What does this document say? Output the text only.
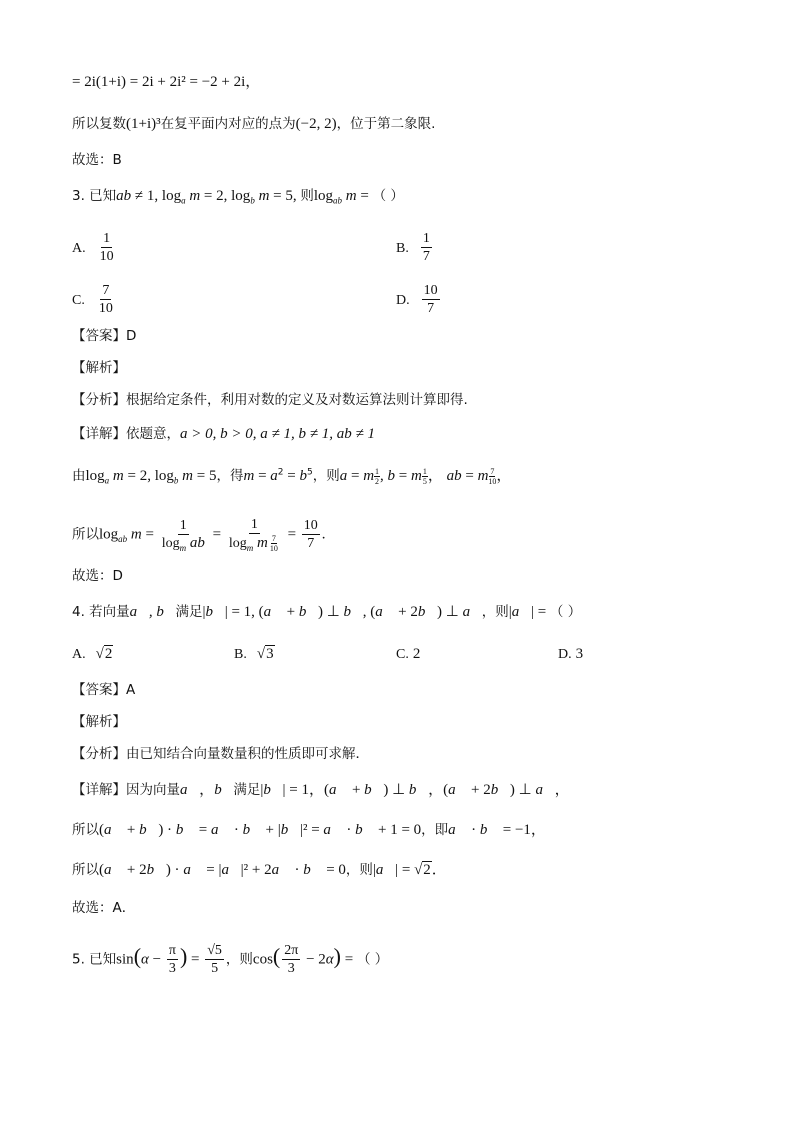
= 2i(1+i) = 2i + 2i² = −2 + 2i，
所以复数(1+i)³在复平面内对应的点为(−2, 2)，位于第二象限.
故选：B
3. 已知ab ≠ 1, $\log_a m = 2$, $\log_b m = 5$, 则$\log_{ab} m$ = （ ）
A. $\frac{1}{10}$	B. $\frac{1}{7}$
C. $\frac{7}{10}$	D. $\frac{10}{7}$
【答案】D
【解析】
【分析】根据给定条件，利用对数的定义及对数运算法则计算即得.
【详解】依题意，a > 0, b > 0, a ≠ 1, b ≠ 1, ab ≠ 1
由$\log_a m = 2$, $\log_b m = 5$，得$m = a^2 = b^5$，则a = m $\frac{1}{2}$ , b = m $\frac{1}{5}$ ， ab = m $\frac{7}{10}$ ，
所以$\log_{ab} m = \frac{1}{\log_m ab} = \frac{1}{\log_m m \frac{7}{10}} = \frac{10}{7}$ .
故选：D
4. 若向量a⃗, b⃗满足|b⃗| = 1, (a⃗ + b⃗) ⊥ b⃗, (a⃗ + 2b⃗) ⊥ a⃗，则|a⃗| = （ ）
A. √2	B. √3	C. 2	D. 3
【答案】A
【解析】
【分析】由已知结合向量数量积的性质即可求解．
【详解】因为向量a⃗，b⃗满足|b⃗| = 1，(a⃗ + b⃗) ⊥ b⃗，(a⃗ + 2b⃗) ⊥ a⃗，
所以(a⃗ + b⃗) · b⃗ = a⃗ · b⃗ + |b⃗|² = a⃗ · b⃗ + 1 = 0，即a⃗ · b⃗ = −1，
所以(a⃗ + 2b⃗) · a⃗ = |a⃗|² + 2a⃗ · b⃗ = 0，则|a⃗| = √2．
故选：A．
5. 已知$\sin(\alpha - \frac{\pi}{3}$ ) = $\frac{√5}{5}$ ，则$\cos( \frac{2\pi}{3} - 2\alpha)$ = （ ）
